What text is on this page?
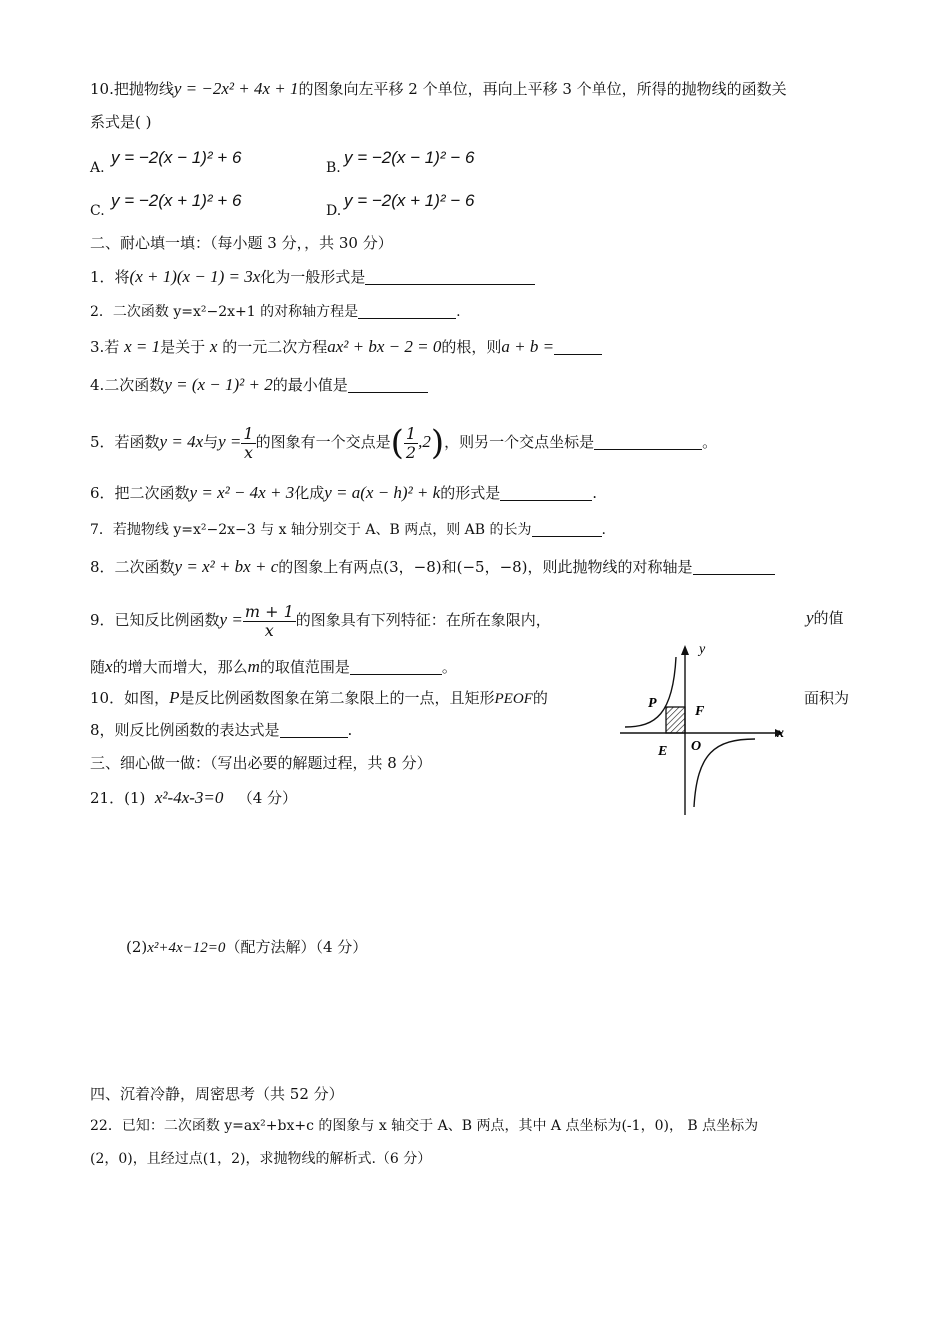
10.把抛物线y = −2x² + 4x + 1的图象向左平移 2 个单位，再向上平移 3 个单位，所得的抛物线的函数关
系式是( )
A.
y = −2(x − 1)² + 6
B.
y = −2(x − 1)² − 6
C.
y = −2(x + 1)² + 6
D.
y = −2(x + 1)² − 6
二、耐心填一填：（每小题 3 分，，共 30 分）
1．将(x + 1)(x − 1) = 3x化为一般形式是
2．二次函数 y=x²−2x+1 的对称轴方程是	.
3.若 x = 1是关于 x 的一元二次方程ax² + bx − 2 = 0的根，则a + b =
4.二次函数y = (x − 1)² + 2的最小值是
5．若函数y = 4x与$y = \frac{1}{x}$ 的图象有一个交点是( $\frac{1}{2} ,2$)，则另一个交点坐标是	。
6．把二次函数y = x² − 4x + 3化成y = a(x − h)² + k的形式是	.
7．若抛物线 y=x²−2x−3 与 x 轴分别交于 A、B 两点，则 AB 的长为	.
8．二次函数y = x² + bx + c的图象上有两点(3，−8)和(−5，−8)，则此抛物线的对称轴是
9．已知反比例函数$y = \frac{m + 1}{x}$ 的图象具有下列特征：在所在象限内，	y的值
随x的增大而增大，那么m的取值范围是	。
10．如图，P是反比例函数图象在第二象限上的一点，且矩形PEOF的	面积为
8，则反比例函数的表达式是	.
P
F
E O
y
x
三、细心做一做：（写出必要的解题过程，共 8 分）
21．(1) x²-4x-3=0 （4 分）
(2)x²+4x−12=0（配方法解）（4 分）
四、沉着冷静，周密思考（共 52 分）
22．已知：二次函数 y=ax²+bx+c 的图象与 x 轴交于 A、B 两点，其中 A 点坐标为(-1，0)， B 点坐标为
(2，0)，且经过点(1，2)，求抛物线的解析式.（6 分）
